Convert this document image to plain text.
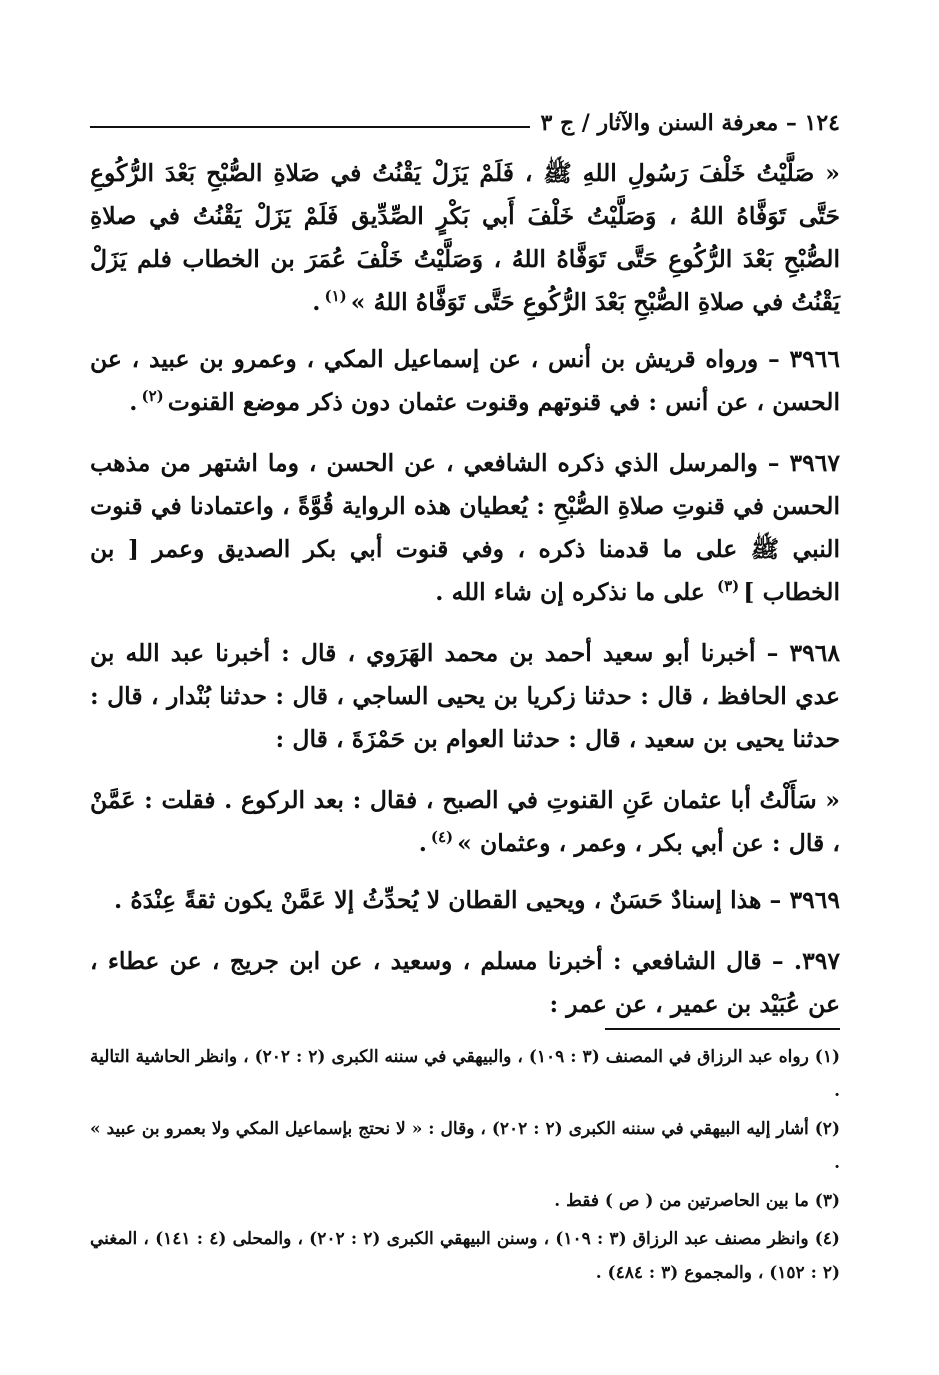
١٢٤ – معرفة السنن والآثار / ج ٣

« صَلَّيْتُ خَلْفَ رَسُولِ اللهِ ﷺ ، فَلَمْ يَزَلْ يَقْنُتُ في صَلاةِ الصُّبْحِ بَعْدَ الرُّكُوعِ حَتَّى تَوَفَّاهُ اللهُ ، وَصَلَّيْتُ خَلْفَ أَبي بَكْرٍ الصِّدِّيق فَلَمْ يَزَلْ يَقْنُتُ في صلاةِ الصُّبْحِ بَعْدَ الرُّكُوعِ حَتَّى تَوَفَّاهُ اللهُ ، وَصَلَّيْتُ خَلْفَ عُمَرَ بن الخطاب فلم يَزَلْ يَقْنُتُ في صلاةِ الصُّبْحِ بَعْدَ الرُّكُوعِ حَتَّى تَوَفَّاهُ اللهُ »$^{(١)}$.

٣٩٦٦ – ورواه قريش بن أنس ، عن إسماعيل المكي ، وعمرو بن عبيد ، عن الحسن ، عن أنس : في قنوتهم وقنوت عثمان دون ذكر موضع القنوت$^{(٢)}$.

٣٩٦٧ – والمرسل الذي ذكره الشافعي ، عن الحسن ، وما اشتهر من مذهب الحسن في قنوتِ صلاةِ الصُّبْحِ : يُعطيان هذه الرواية قُوَّةً ، واعتمادنا في قنوت النبي ﷺ على ما قدمنا ذكره ، وفي قنوت أبي بكر الصديق وعمر [ بن الخطاب ]$^{(٣)}$ على ما نذكره إن شاء الله .

٣٩٦٨ – أخبرنا أبو سعيد أحمد بن محمد الهَرَوي ، قال : أخبرنا عبد الله بن عدي الحافظ ، قال : حدثنا زكريا بن يحيى الساجي ، قال : حدثنا بُنْدار ، قال : حدثنا يحيى بن سعيد ، قال : حدثنا العوام بن حَمْزَةَ ، قال :

« سَأَلْتُ أبا عثمان عَنِ القنوتِ في الصبح ، فقال : بعد الركوع . فقلت : عَمَّنْ ، قال : عن أبي بكر ، وعمر ، وعثمان »$^{(٤)}$.

٣٩٦٩ – هذا إسنادٌ حَسَنٌ ، ويحيى القطان لا يُحدِّثُ إلا عَمَّنْ يكون ثقةً عِنْدَهُ .

٣٩٧. – قال الشافعي : أخبرنا مسلم ، وسعيد ، عن ابن جريج ، عن عطاء ، عن عُبَيْد بن عمير ، عن عمر :

(١) رواه عبد الرزاق في المصنف (٣ : ١٠٩) ، والبيهقي في سننه الكبرى (٢ : ٢٠٢) ، وانظر الحاشية التالية .

(٢) أشار إليه البيهقي في سننه الكبرى (٢ : ٢٠٢) ، وقال : « لا نحتج بإسماعيل المكي ولا بعمرو بن عبيد » .

(٣) ما بين الحاصرتين من ( ص ) فقط .

(٤) وانظر مصنف عبد الرزاق (٣ : ١٠٩) ، وسنن البيهقي الكبرى (٢ : ٢٠٢) ، والمحلى (٤ : ١٤١) ، المغني (٢ : ١٥٢) ، والمجموع (٣ : ٤٨٤) .
